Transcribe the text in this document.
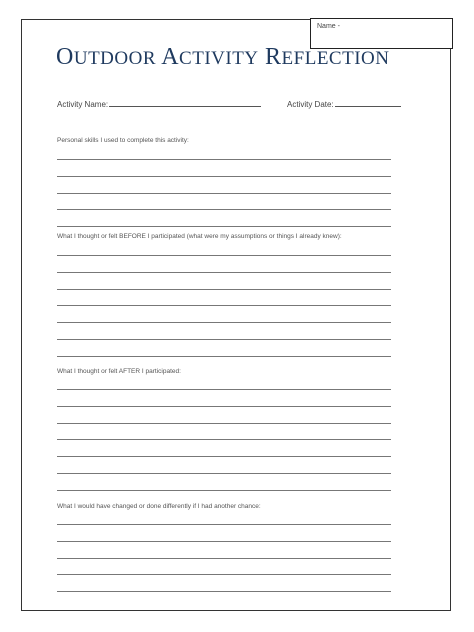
Name -
OUTDOOR ACTIVITY REFLECTION
Activity Name:	Activity Date:
Personal skills I used to complete this activity:
What I thought or felt BEFORE I participated (what were my assumptions or things I already knew):
What I thought or felt AFTER I participated:
What I would have changed or done differently if I had another chance:
